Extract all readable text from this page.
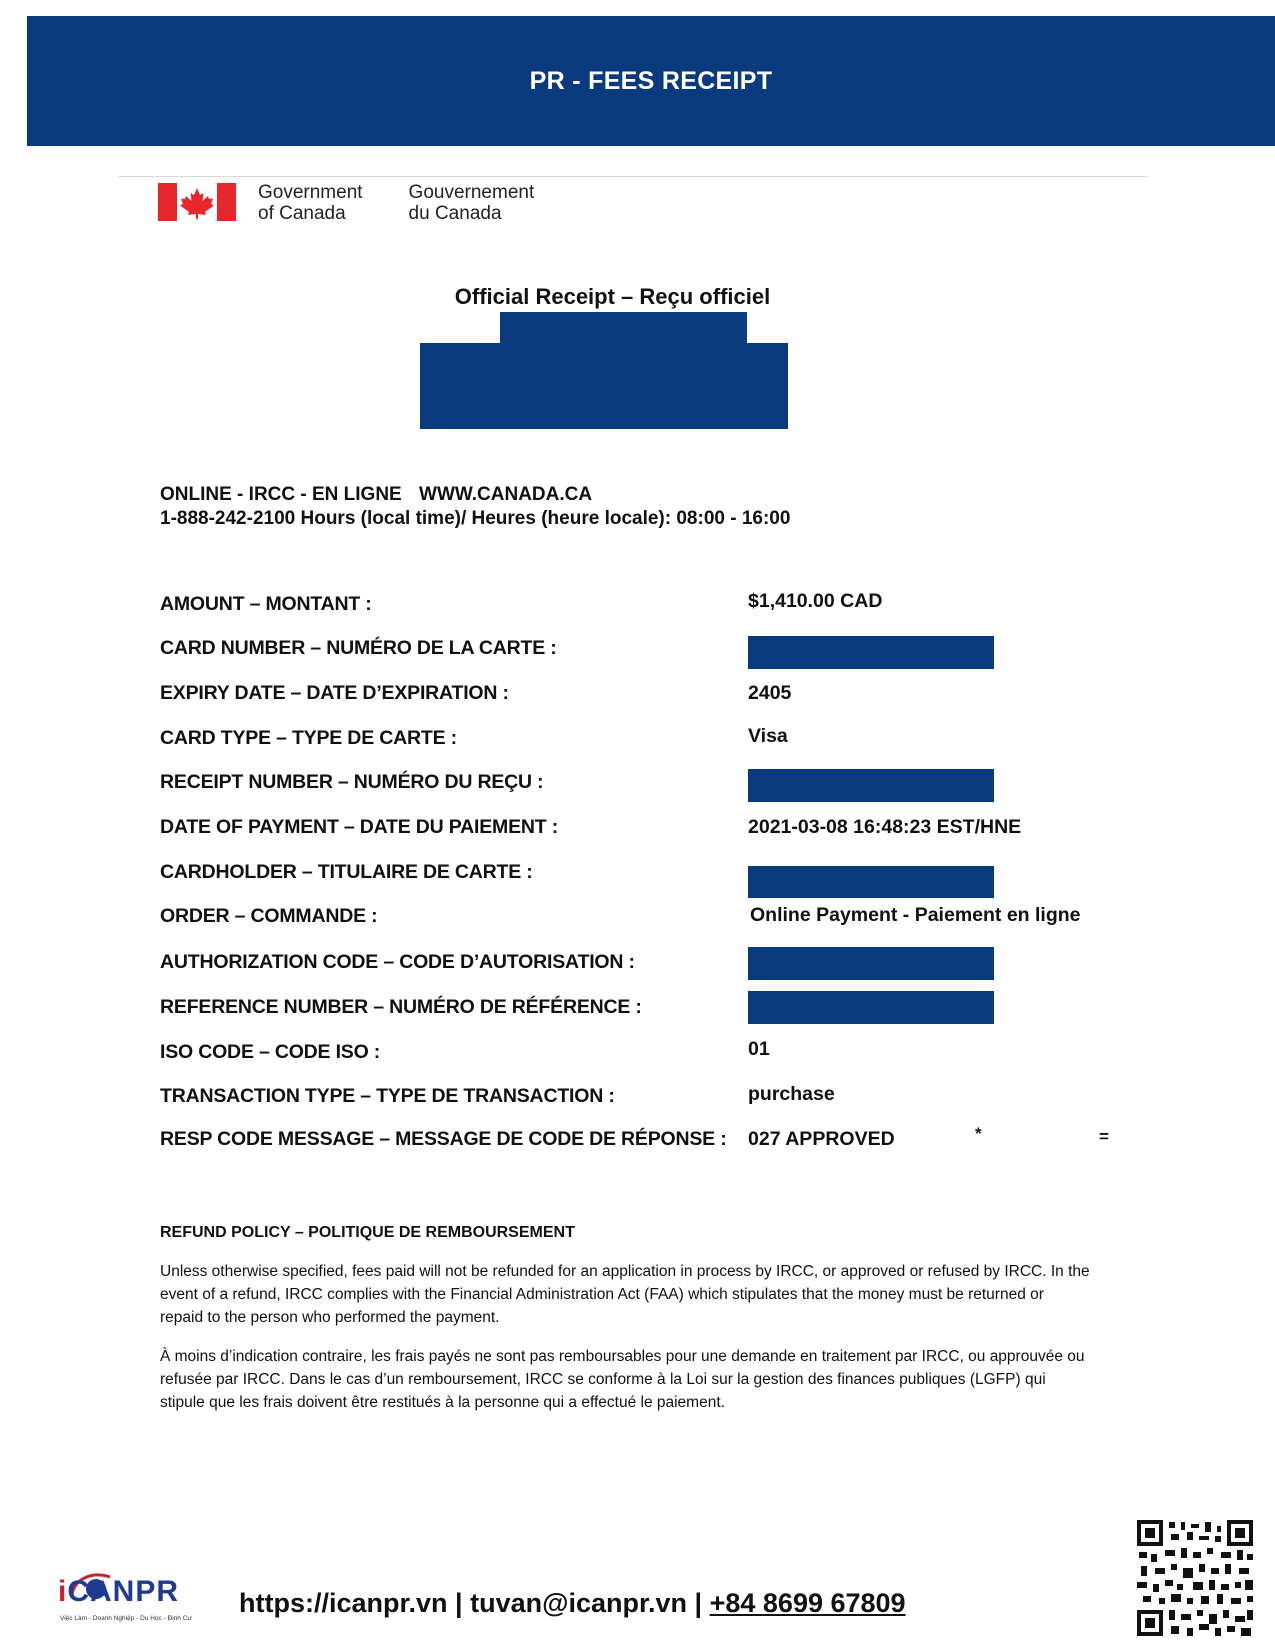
PR - FEES RECEIPT
Government
of Canada
Gouvernement
du Canada
Official Receipt – Reçu officiel
ONLINE - IRCC - EN LIGNE WWW.CANADA.CA
1-888-242-2100 Hours (local time)/ Heures (heure locale): 08:00 - 16:00
AMOUNT – MONTANT :	$1,410.00 CAD
CARD NUMBER – NUMÉRO DE LA CARTE :
EXPIRY DATE – DATE D’EXPIRATION :	2405
CARD TYPE – TYPE DE CARTE :	Visa
RECEIPT NUMBER – NUMÉRO DU REÇU :
DATE OF PAYMENT – DATE DU PAIEMENT :	2021-03-08 16:48:23 EST/HNE
CARDHOLDER – TITULAIRE DE CARTE :
ORDER – COMMANDE :	Online Payment - Paiement en ligne
AUTHORIZATION CODE – CODE D’AUTORISATION :
REFERENCE NUMBER – NUMÉRO DE RÉFÉRENCE :
ISO CODE – CODE ISO :	01
TRANSACTION TYPE – TYPE DE TRANSACTION :	purchase
RESP CODE MESSAGE – MESSAGE DE CODE DE RÉPONSE : 027 APPROVED	*	=
REFUND POLICY – POLITIQUE DE REMBOURSEMENT

Unless otherwise specified, fees paid will not be refunded for an application in process by IRCC, or approved or refused by IRCC. In the event of a refund, IRCC complies with the Financial Administration Act (FAA) which stipulates that the money must be returned or repaid to the person who performed the payment.

À moins d’indication contraire, les frais payés ne sont pas remboursables pour une demande en traitement par IRCC, ou approuvée ou refusée par IRCC. Dans le cas d’un remboursement, IRCC se conforme à la Loi sur la gestion des finances publiques (LGFP) qui stipule que les frais doivent être restitués à la personne qui a effectué le paiement.

iCANPR
Việc Làm - Doanh Nghiệp - Du Học - Định Cư
https://icanpr.vn | tuvan@icanpr.vn | +84 8699 67809
